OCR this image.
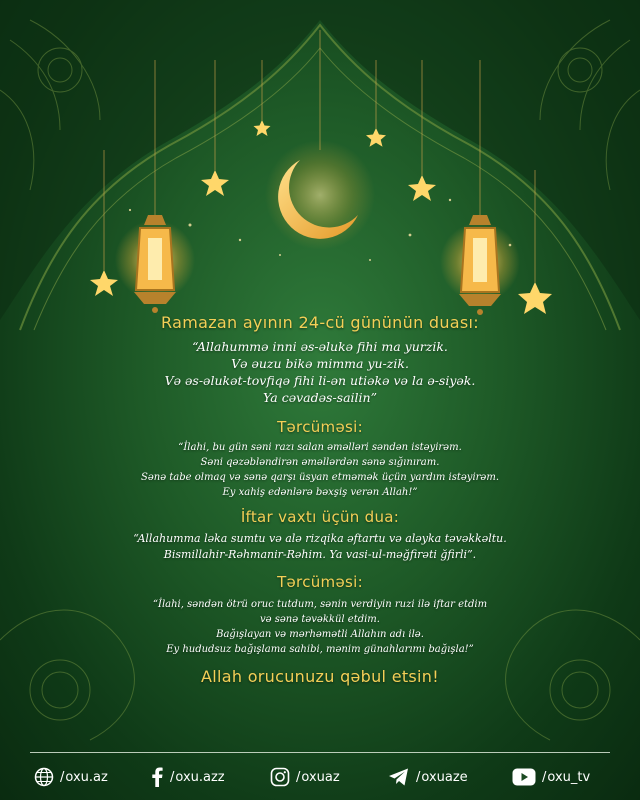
Ramazan ayının 24-cü gününün duası:
“Allahummə inni əs-əlukə fihi ma yurzik.
Və əuzu bikə mimma yu-zik.
Və əs-əlukət-tovfiqə fihi li-ən utiəkə və la ə-siyək.
Ya cəvadəs-sailin”
Tərcüməsi:
“İlahi, bu gün səni razı salan əməlləri səndən istəyirəm.
Səni qəzəbləndirən əməllərdən sənə sığınıram.
Sənə tabe olmaq və sənə qarşı üsyan etməmək üçün yardım istəyirəm.
Ey xahiş edənlərə bəxşiş verən Allah!”
İftar vaxtı üçün dua:
“Allahumma ləka sumtu və alə rizqika əftartu və aləyka təvəkkəltu.
Bismillahir-Rəhmanir-Rəhim. Ya vasi-ul-məğfirəti ğfirli”.
Tərcüməsi:
“İlahi, səndən ötrü oruc tutdum, sənin verdiyin ruzi ilə iftar etdim
və sənə təvəkkül etdim.
Bağışlayan və mərhəmətli Allahın adı ilə.
Ey hududsuz bağışlama sahibi, mənim günahlarımı bağışla!”
Allah orucunuzu qəbul etsin!
/ oxu.az	/ oxu.azz	/ oxuaz	/ oxuaze	/ oxu_tv
